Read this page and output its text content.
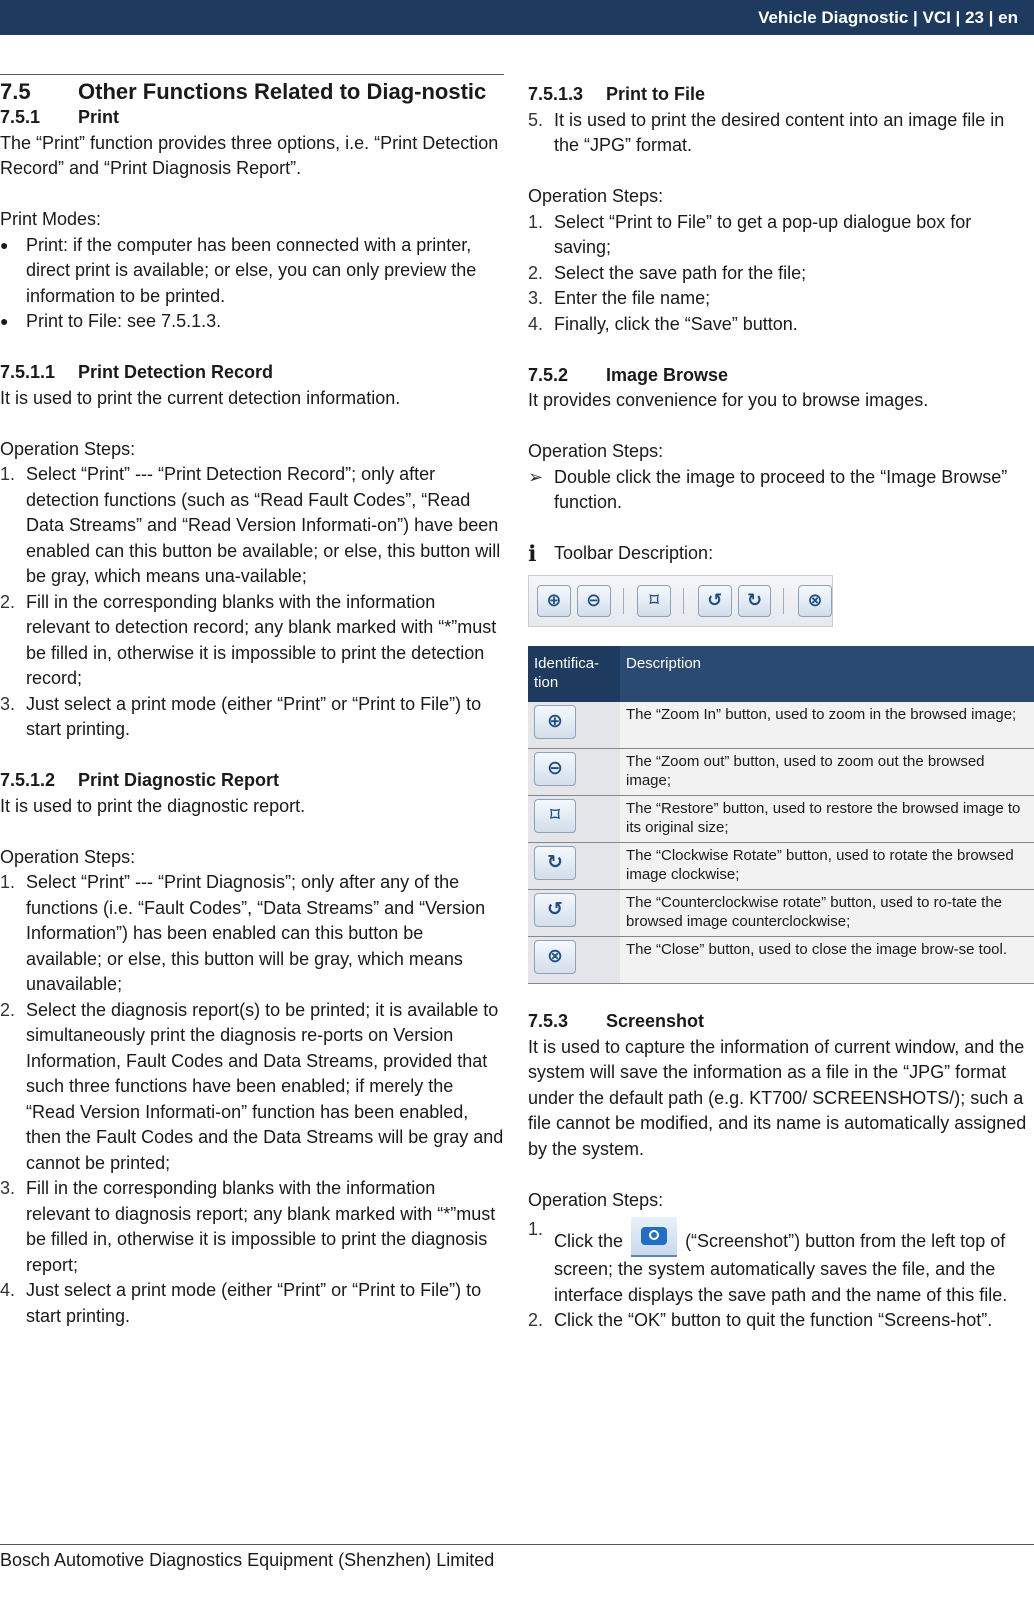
Vehicle Diagnostic | VCI | 23 | en
7.5	Other Functions Related to Diag-nostic
7.5.1	Print

The “Print” function provides three options, i.e. “Print Detection Record” and “Print Diagnosis Report”.

Print Modes:

● Print: if the computer has been connected with a printer, direct print is available; or else, you can only preview the information to be printed.
● Print to File: see 7.5.1.3.
7.5.1.1	Print Detection Record

It is used to print the current detection information.

Operation Steps:

1. Select “Print” --- “Print Detection Record”; only after detection functions (such as “Read Fault Codes”, “Read Data Streams” and “Read Version Informati-on”) have been enabled can this button be available; or else, this button will be gray, which means una-vailable;
2. Fill in the corresponding blanks with the information relevant to detection record; any blank marked with “*”must be filled in, otherwise it is impossible to print the detection record;
3. Just select a print mode (either “Print” or “Print to File”) to start printing.
7.5.1.2	Print Diagnostic Report

It is used to print the diagnostic report.

Operation Steps:

1. Select “Print” --- “Print Diagnosis”; only after any of the functions (i.e. “Fault Codes”, “Data Streams” and “Version Information”) has been enabled can this button be available; or else, this button will be gray, which means unavailable;
2. Select the diagnosis report(s) to be printed; it is available to simultaneously print the diagnosis re-ports on Version Information, Fault Codes and Data Streams, provided that such three functions have been enabled; if merely the “Read Version Informati-on” function has been enabled, then the Fault Codes and the Data Streams will be gray and cannot be printed;
3. Fill in the corresponding blanks with the information relevant to diagnosis report; any blank marked with “*”must be filled in, otherwise it is impossible to print the diagnosis report;
4. Just select a print mode (either “Print” or “Print to File”) to start printing.
7.5.1.3	Print to File
5. It is used to print the desired content into an image file in the “JPG” format.

Operation Steps:

1. Select “Print to File” to get a pop-up dialogue box for saving;
2. Select the save path for the file;
3. Enter the file name;
4. Finally, click the “Save” button.
7.5.2	Image Browse

It provides convenience for you to browse images.

Operation Steps:

➢ Double click the image to proceed to the “Image Browse” function.
ℹ Toolbar Description:
⊕	⊖	⌑	↺	↻	⊗
Identifica-tion	Description

⊕	The “Zoom In” button, used to zoom in the browsed image;

⊖	The “Zoom out” button, used to zoom out the browsed image;

⌑	The “Restore” button, used to restore the browsed image to its original size;

↻	The “Clockwise Rotate” button, used to rotate the browsed image clockwise;

↺	The “Counterclockwise rotate” button, used to ro-tate the browsed image counterclockwise;

⊗	The “Close” button, used to close the image brow-se tool.
7.5.3	Screenshot

It is used to capture the information of current window, and the system will save the information as a file in the “JPG” format under the default path (e.g. KT700/ SCREENSHOTS/); such a file cannot be modified, and its name is automatically assigned by the system.

Operation Steps:

1.
Click the	(“Screenshot”) button from the left top of screen; the system automatically saves the file, and the interface displays the save path and the name of this file.
2. Click the “OK” button to quit the function “Screens-hot”.
Bosch Automotive Diagnostics Equipment (Shenzhen) Limited
